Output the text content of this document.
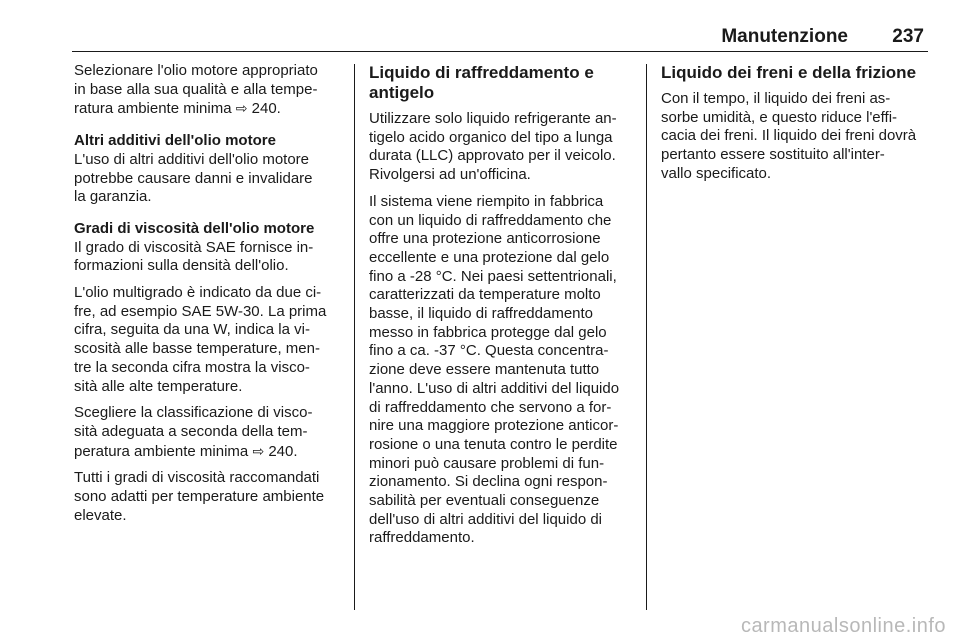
Manutenzione 237
Selezionare l'olio motore appropriato
in base alla sua qualità e alla tempe-
ratura ambiente minima ⇨ 240.
Altri additivi dell'olio motore
L'uso di altri additivi dell'olio motore
potrebbe causare danni e invalidare
la garanzia.
Gradi di viscosità dell'olio motore
Il grado di viscosità SAE fornisce in-
formazioni sulla densità dell'olio.
L'olio multigrado è indicato da due ci-
fre, ad esempio SAE 5W-30. La prima
cifra, seguita da una W, indica la vi-
scosità alle basse temperature, men-
tre la seconda cifra mostra la visco-
sità alle alte temperature.
Scegliere la classificazione di visco-
sità adeguata a seconda della tem-
peratura ambiente minima ⇨ 240.
Tutti i gradi di viscosità raccomandati
sono adatti per temperature ambiente
elevate.
Liquido di raffreddamento e
antigelo
Utilizzare solo liquido refrigerante an-
tigelo acido organico del tipo a lunga
durata (LLC) approvato per il veicolo.
Rivolgersi ad un'officina.
Il sistema viene riempito in fabbrica
con un liquido di raffreddamento che
offre una protezione anticorrosione
eccellente e una protezione dal gelo
fino a -28 °C. Nei paesi settentrionali,
caratterizzati da temperature molto
basse, il liquido di raffreddamento
messo in fabbrica protegge dal gelo
fino a ca. -37 °C. Questa concentra-
zione deve essere mantenuta tutto
l'anno. L'uso di altri additivi del liquido
di raffreddamento che servono a for-
nire una maggiore protezione anticor-
rosione o una tenuta contro le perdite
minori può causare problemi di fun-
zionamento. Si declina ogni respon-
sabilità per eventuali conseguenze
dell'uso di altri additivi del liquido di
raffreddamento.
Liquido dei freni e della frizione
Con il tempo, il liquido dei freni as-
sorbe umidità, e questo riduce l'effi-
cacia dei freni. Il liquido dei freni dovrà
pertanto essere sostituito all'inter-
vallo specificato.
carmanualsonline.info
